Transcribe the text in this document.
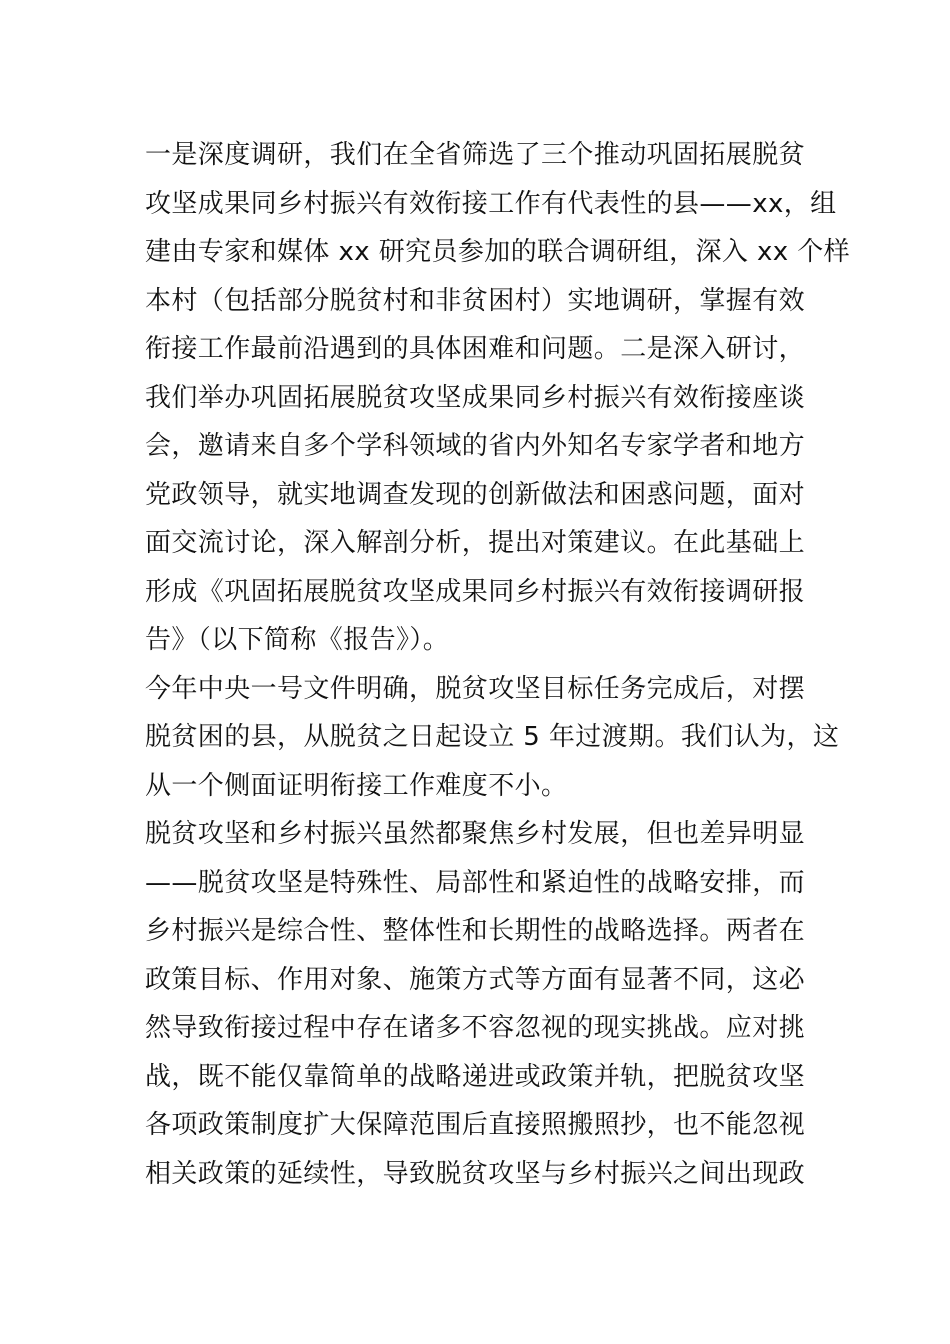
一是深度调研，我们在全省筛选了三个推动巩固拓展脱贫
攻坚成果同乡村振兴有效衔接工作有代表性的县——xx，组
建由专家和媒体 xx 研究员参加的联合调研组，深入 xx 个样
本村（包括部分脱贫村和非贫困村）实地调研，掌握有效
衔接工作最前沿遇到的具体困难和问题。二是深入研讨，
我们举办巩固拓展脱贫攻坚成果同乡村振兴有效衔接座谈
会，邀请来自多个学科领域的省内外知名专家学者和地方
党政领导，就实地调查发现的创新做法和困惑问题，面对
面交流讨论，深入解剖分析，提出对策建议。在此基础上
形成《巩固拓展脱贫攻坚成果同乡村振兴有效衔接调研报
告》（以下简称《报告》）。
今年中央一号文件明确，脱贫攻坚目标任务完成后，对摆
脱贫困的县，从脱贫之日起设立 5 年过渡期。我们认为，这
从一个侧面证明衔接工作难度不小。
脱贫攻坚和乡村振兴虽然都聚焦乡村发展，但也差异明显
——脱贫攻坚是特殊性、局部性和紧迫性的战略安排，而
乡村振兴是综合性、整体性和长期性的战略选择。两者在
政策目标、作用对象、施策方式等方面有显著不同，这必
然导致衔接过程中存在诸多不容忽视的现实挑战。应对挑
战，既不能仅靠简单的战略递进或政策并轨，把脱贫攻坚
各项政策制度扩大保障范围后直接照搬照抄，也不能忽视
相关政策的延续性，导致脱贫攻坚与乡村振兴之间出现政
